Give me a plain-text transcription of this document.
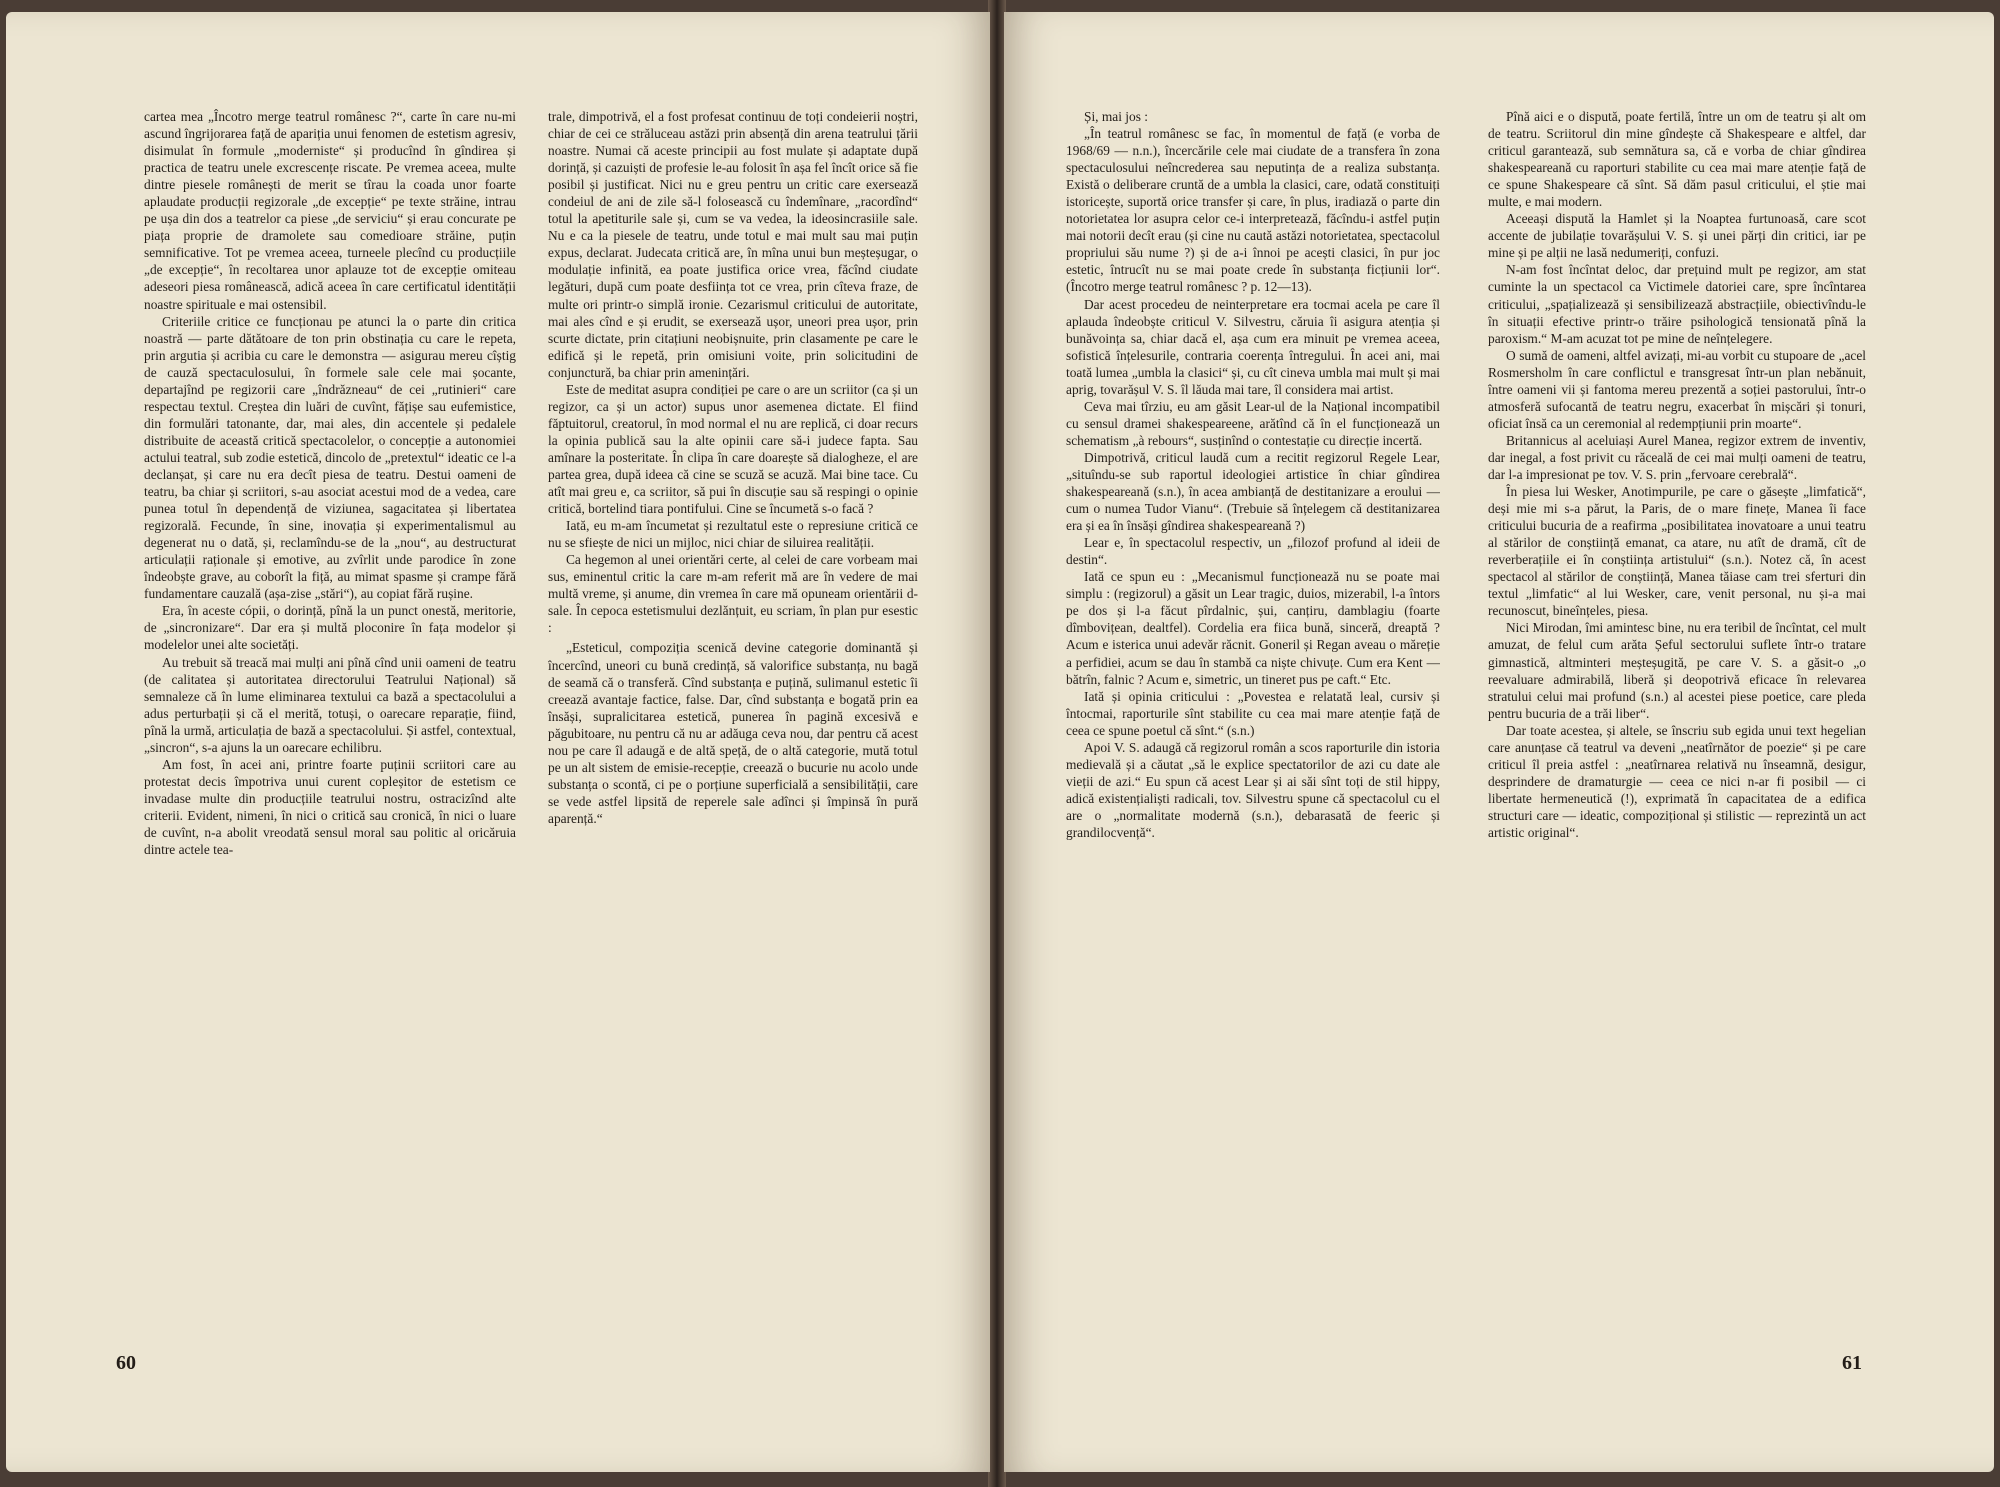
cartea mea „Încotro merge teatrul românesc ?“, carte în care nu-mi ascund îngrijorarea față de apariția unui fenomen de estetism agresiv, disimulat în formule „moderniste“ și producînd în gîndirea și practica de teatru unele excrescențe riscate. Pe vremea aceea, multe dintre piesele românești de merit se tîrau la coada unor foarte aplaudate producții regizorale „de excepție“ pe texte străine, intrau pe ușa din dos a teatrelor ca piese „de serviciu“ și erau concurate pe piața proprie de dramolete sau comedioare străine, puțin semnificative. Tot pe vremea aceea, turneele plecînd cu producțiile „de excepție“, în recoltarea unor aplauze tot de excepție omiteau adeseori piesa românească, adică aceea în care certificatul identității noastre spirituale e mai ostensibil.

Criteriile critice ce funcționau pe atunci la o parte din critica noastră — parte dătătoare de ton prin obstinația cu care le repeta, prin argutia și acribia cu care le demonstra — asigurau mereu cîștig de cauză spectaculosului, în formele sale cele mai șocante, departajînd pe regizorii care „îndrăzneau“ de cei „rutinieri“ care respectau textul. Creștea din luări de cuvînt, fățișe sau eufemistice, din formulări tatonante, dar, mai ales, din accentele și pedalele distribuite de această critică spectacolelor, o concepție a autonomiei actului teatral, sub zodie estetică, dincolo de „pretextul“ ideatic ce l-a declanșat, și care nu era decît piesa de teatru. Destui oameni de teatru, ba chiar și scriitori, s-au asociat acestui mod de a vedea, care punea totul în dependență de viziunea, sagacitatea și libertatea regizorală. Fecunde, în sine, inovația și experimentalismul au degenerat nu o dată, și, reclamîndu-se de la „nou“, au destructurat articulații raționale și emotive, au zvîrlit unde parodice în zone îndeobște grave, au coborît la fiță, au mimat spasme și crampe fără fundamentare cauzală (așa-zise „stări“), au copiat fără rușine.

Era, în aceste cópii, o dorință, pînă la un punct onestă, meritorie, de „sincronizare“. Dar era și multă ploconire în fața modelor și modelelor unei alte societăți.

Au trebuit să treacă mai mulți ani pînă cînd unii oameni de teatru (de calitatea și autoritatea directorului Teatrului Național) să semnaleze că în lume eliminarea textului ca bază a spectacolului a adus perturbații și că el merită, totuși, o oarecare reparație, fiind, pînă la urmă, articulația de bază a spectacolului. Și astfel, contextual, „sincron“, s-a ajuns la un oarecare echilibru.

Am fost, în acei ani, printre foarte puținii scriitori care au protestat decis împotriva unui curent copleșitor de estetism ce invadase multe din producțiile teatrului nostru, ostracizînd alte criterii. Evident, nimeni, în nici o critică sau cronică, în nici o luare de cuvînt, n-a abolit vreodată sensul moral sau politic al oricăruia dintre actele tea-

trale, dimpotrivă, el a fost profesat continuu de toți condeierii noștri, chiar de cei ce străluceau astăzi prin absență din arena teatrului țării noastre. Numai că aceste principii au fost mulate și adaptate după dorință, și cazuiști de profesie le-au folosit în așa fel încît orice să fie posibil și justificat. Nici nu e greu pentru un critic care exersează condeiul de ani de zile să-l folosească cu îndemînare, „racordînd“ totul la apetiturile sale și, cum se va vedea, la ideosincrasiile sale. Nu e ca la piesele de teatru, unde totul e mai mult sau mai puțin expus, declarat. Judecata critică are, în mîna unui bun meșteșugar, o modulație infinită, ea poate justifica orice vrea, făcînd ciudate legături, după cum poate desființa tot ce vrea, prin cîteva fraze, de multe ori printr-o simplă ironie. Cezarismul criticului de autoritate, mai ales cînd e și erudit, se exersează ușor, uneori prea ușor, prin scurte dictate, prin citațiuni neobișnuite, prin clasamente pe care le edifică și le repetă, prin omisiuni voite, prin solicitudini de conjunctură, ba chiar prin amenințări.

Este de meditat asupra condiției pe care o are un scriitor (ca și un regizor, ca și un actor) supus unor asemenea dictate. El fiind făptuitorul, creatorul, în mod normal el nu are replică, ci doar recurs la opinia publică sau la alte opinii care să-i judece fapta. Sau amînare la posteritate. În clipa în care doarește să dialogheze, el are partea grea, după ideea că cine se scuză se acuză. Mai bine tace. Cu atît mai greu e, ca scriitor, să pui în discuție sau să respingi o opinie critică, bortelind tiara pontifului. Cine se încumetă s-o facă ?

Iată, eu m-am încumetat și rezultatul este o represiune critică ce nu se sfiește de nici un mijloc, nici chiar de siluirea realității.

Ca hegemon al unei orientări certe, al celei de care vorbeam mai sus, eminentul critic la care m-am referit mă are în vedere de mai multă vreme, și anume, din vremea în care mă opuneam orientării d-sale. În cepoca estetismului dezlănțuit, eu scriam, în plan pur esestic :

„Esteticul, compoziția scenică devine categorie dominantă și încercînd, uneori cu bună credință, să valorifice substanța, nu bagă de seamă că o transferă. Cînd substanța e puțină, sulimanul estetic îi creează avantaje factice, false. Dar, cînd substanța e bogată prin ea însăși, supralicitarea estetică, punerea în pagină excesivă e păgubitoare, nu pentru că nu ar adăuga ceva nou, dar pentru că acest nou pe care îl adaugă e de altă speță, de o altă categorie, mută totul pe un alt sistem de emisie-recepție, creează o bucurie nu acolo unde substanța o scontă, ci pe o porțiune superficială a sensibilității, care se vede astfel lipsită de reperele sale adînci și împinsă în pură aparență.“

60

Și, mai jos :

„În teatrul românesc se fac, în momentul de față (e vorba de 1968/69 — n.n.), încercările cele mai ciudate de a transfera în zona spectaculosului neîncrederea sau neputința de a realiza substanța. Există o deliberare cruntă de a umbla la clasici, care, odată constituiți istoricește, suportă orice transfer și care, în plus, iradiază o parte din notorietatea lor asupra celor ce-i interpretează, făcîndu-i astfel puțin mai notorii decît erau (și cine nu caută astăzi notorietatea, spectacolul propriului său nume ?) și de a-i înnoi pe acești clasici, în pur joc estetic, întrucît nu se mai poate crede în substanța ficțiunii lor“. (Încotro merge teatrul românesc ? p. 12—13).

Dar acest procedeu de neinterpretare era tocmai acela pe care îl aplauda îndeobște criticul V. Silvestru, căruia îi asigura atenția și bunăvoința sa, chiar dacă el, așa cum era minuit pe vremea aceea, sofistică înțelesurile, contraria coerența întregului. În acei ani, mai toată lumea „umbla la clasici“ și, cu cît cineva umbla mai mult și mai aprig, tovarășul V. S. îl lăuda mai tare, îl considera mai artist.

Ceva mai tîrziu, eu am găsit Lear-ul de la Național incompatibil cu sensul dramei shakespeareene, arătînd că în el funcționează un schematism „à rebours“, susținînd o contestație cu direcție incertă.

Dimpotrivă, criticul laudă cum a recitit regizorul Regele Lear, „situîndu-se sub raportul ideologiei artistice în chiar gîndirea shakespeareană (s.n.), în acea ambianță de destitanizare a eroului — cum o numea Tudor Vianu“. (Trebuie să înțelegem că destitanizarea era și ea în însăși gîndirea shakespeareană ?)

Lear e, în spectacolul respectiv, un „filozof profund al ideii de destin“.

Iată ce spun eu : „Mecanismul funcționează nu se poate mai simplu : (regizorul) a găsit un Lear tragic, duios, mizerabil, l-a întors pe dos și l-a făcut pîrdalnic, șui, canțiru, damblagiu (foarte dîmbovițean, dealtfel). Cordelia era fiica bună, sinceră, dreaptă ? Acum e isterica unui adevăr răcnit. Goneril și Regan aveau o măreție a perfidiei, acum se dau în stambă ca niște chivuțe. Cum era Kent — bătrîn, falnic ? Acum e, simetric, un tineret pus pe caft.“ Etc.

Iată și opinia criticului : „Povestea e relatată leal, cursiv și întocmai, raporturile sînt stabilite cu cea mai mare atenție față de ceea ce spune poetul că sînt.“ (s.n.)

Apoi V. S. adaugă că regizorul român a scos raporturile din istoria medievală și a căutat „să le explice spectatorilor de azi cu date ale vieții de azi.“ Eu spun că acest Lear și ai săi sînt toți de stil hippy, adică existențialiști radicali, tov. Silvestru spune că spectacolul cu el are o „normalitate modernă (s.n.), debarasată de feeric și grandilocvență“.

Pînă aici e o dispută, poate fertilă, între un om de teatru și alt om de teatru. Scriitorul din mine gîndește că Shakespeare e altfel, dar criticul garantează, sub semnătura sa, că e vorba de chiar gîndirea shakespeareană cu raporturi stabilite cu cea mai mare atenție față de ce spune Shakespeare că sînt. Să dăm pasul criticului, el știe mai multe, e mai modern.

Aceeași dispută la Hamlet și la Noaptea furtunoasă, care scot accente de jubilație tovarășului V. S. și unei părți din critici, iar pe mine și pe alții ne lasă nedumeriți, confuzi.

N-am fost încîntat deloc, dar prețuind mult pe regizor, am stat cuminte la un spectacol ca Victimele datoriei care, spre încîntarea criticului, „spațializează și sensibilizează abstracțiile, obiectivîndu-le în situații efective printr-o trăire psihologică tensionată pînă la paroxism.“ M-am acuzat tot pe mine de neînțelegere.

O sumă de oameni, altfel avizați, mi-au vorbit cu stupoare de „acel Rosmersholm în care conflictul e transgresat într-un plan nebănuit, între oameni vii și fantoma mereu prezentă a soției pastorului, într-o atmosferă sufocantă de teatru negru, exacerbat în mișcări și tonuri, oficiat însă ca un ceremonial al redempțiunii prin moarte“.

Britannicus al aceluiași Aurel Manea, regizor extrem de inventiv, dar inegal, a fost privit cu răceală de cei mai mulți oameni de teatru, dar l-a impresionat pe tov. V. S. prin „fervoare cerebrală“.

În piesa lui Wesker, Anotimpurile, pe care o găsește „limfatică“, deși mie mi s-a părut, la Paris, de o mare finețe, Manea îi face criticului bucuria de a reafirma „posibilitatea inovatoare a unui teatru al stărilor de conștiință emanat, ca atare, nu atît de dramă, cît de reverberațiile ei în conștiința artistului“ (s.n.). Notez că, în acest spectacol al stărilor de conștiință, Manea tăiase cam trei sferturi din textul „limfatic“ al lui Wesker, care, venit personal, nu și-a mai recunoscut, bineînțeles, piesa.

Nici Mirodan, îmi amintesc bine, nu era teribil de încîntat, cel mult amuzat, de felul cum arăta Șeful sectorului suflete într-o tratare gimnastică, altminteri meșteșugită, pe care V. S. a găsit-o „o reevaluare admirabilă, liberă și deopotrivă eficace în relevarea stratului celui mai profund (s.n.) al acestei piese poetice, care pleda pentru bucuria de a trăi liber“.

Dar toate acestea, și altele, se înscriu sub egida unui text hegelian care anunțase că teatrul va deveni „neatîrnător de poezie“ și pe care criticul îl preia astfel : „neatîrnarea relativă nu înseamnă, desigur, desprindere de dramaturgie — ceea ce nici n-ar fi posibil — ci libertate hermeneutică (!), exprimată în capacitatea de a edifica structuri care — ideatic, compozițional și stilistic — reprezintă un act artistic original“.

61
